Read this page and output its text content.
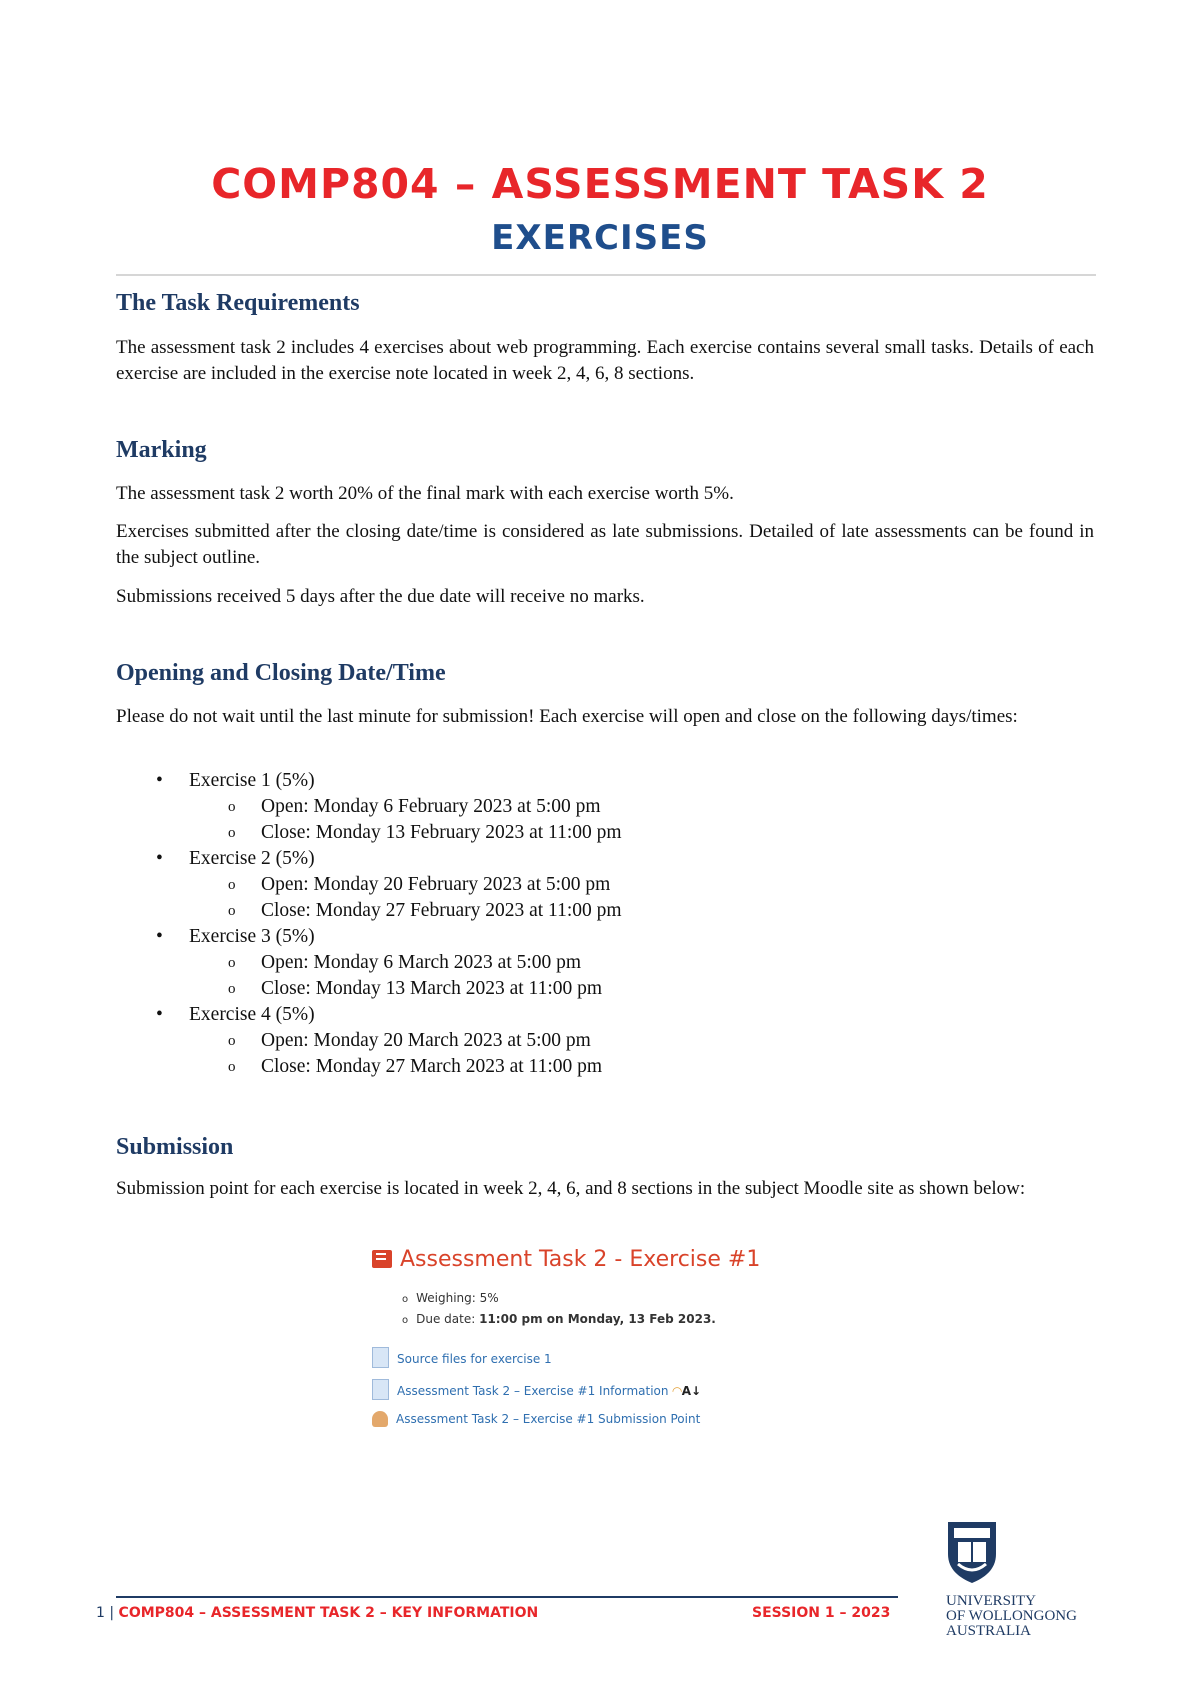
COMP804 – ASSESSMENT TASK 2
EXERCISES
The Task Requirements

The assessment task 2 includes 4 exercises about web programming. Each exercise contains several small tasks. Details of each exercise are included in the exercise note located in week 2, 4, 6, 8 sections.

Marking

The assessment task 2 worth 20% of the final mark with each exercise worth 5%.

Exercises submitted after the closing date/time is considered as late submissions. Detailed of late assessments can be found in the subject outline.

Submissions received 5 days after the due date will receive no marks.

Opening and Closing Date/Time

Please do not wait until the last minute for submission! Each exercise will open and close on the following days/times:

• Exercise 1 (5%)
o Open: Monday 6 February 2023 at 5:00 pm
o Close: Monday 13 February 2023 at 11:00 pm
• Exercise 2 (5%)
o Open: Monday 20 February 2023 at 5:00 pm
o Close: Monday 27 February 2023 at 11:00 pm
• Exercise 3 (5%)
o Open: Monday 6 March 2023 at 5:00 pm
o Close: Monday 13 March 2023 at 11:00 pm
• Exercise 4 (5%)
o Open: Monday 20 March 2023 at 5:00 pm
o Close: Monday 27 March 2023 at 11:00 pm
Submission

Submission point for each exercise is located in week 2, 4, 6, and 8 sections in the subject Moodle site as shown below:

Assessment Task 2 - Exercise #1
o Weighing: 5%
o Due date: 11:00 pm on Monday, 13 Feb 2023.
Source files for exercise 1
Assessment Task 2 – Exercise #1 Information ◠A↓
Assessment Task 2 – Exercise #1 Submission Point
UNIVERSITY
OF WOLLONGONG
AUSTRALIA
1 | COMP804 – ASSESSMENT TASK 2 – KEY INFORMATION	SESSION 1 – 2023
